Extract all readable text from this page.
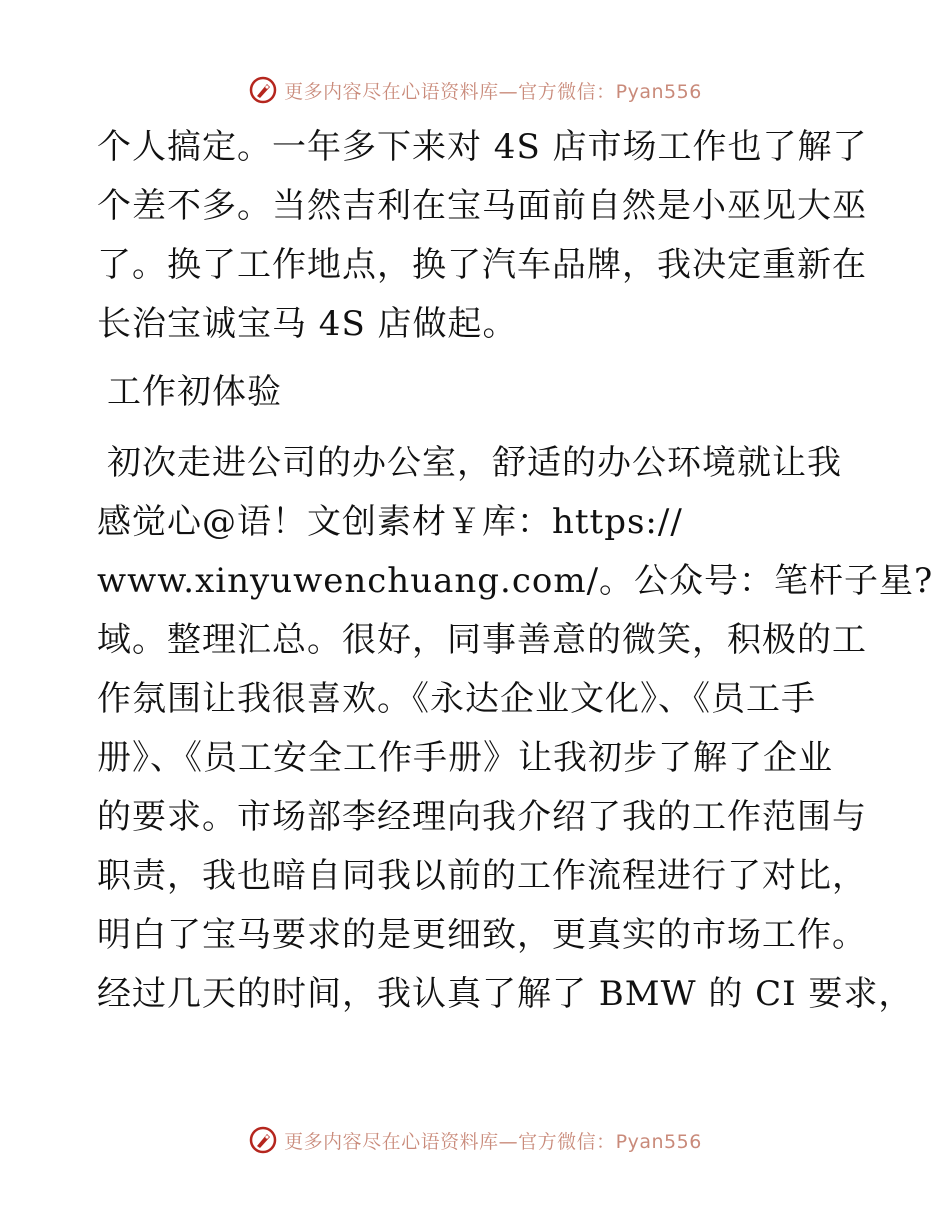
更多内容尽在心语资料库—官方微信：Pyan556
个人搞定。一年多下来对 4S 店市场工作也了解了
个差不多。当然吉利在宝马面前自然是小巫见大巫
了。换了工作地点，换了汽车品牌，我决定重新在
长治宝诚宝马 4S 店做起。
工作初体验
初次走进公司的办公室，舒适的办公环境就让我
感觉心@语！文创素材￥库：https://
www.xinyuwenchuang.com/。公众号：笔杆子星?
域。整理汇总。很好，同事善意的微笑，积极的工
作氛围让我很喜欢。《永达企业文化》、《员工手
册》、《员工安全工作手册》让我初步了解了企业
的要求。市场部李经理向我介绍了我的工作范围与
职责，我也暗自同我以前的工作流程进行了对比，
明白了宝马要求的是更细致，更真实的市场工作。
经过几天的时间，我认真了解了 BMW 的 CI 要求，
更多内容尽在心语资料库—官方微信：Pyan556
